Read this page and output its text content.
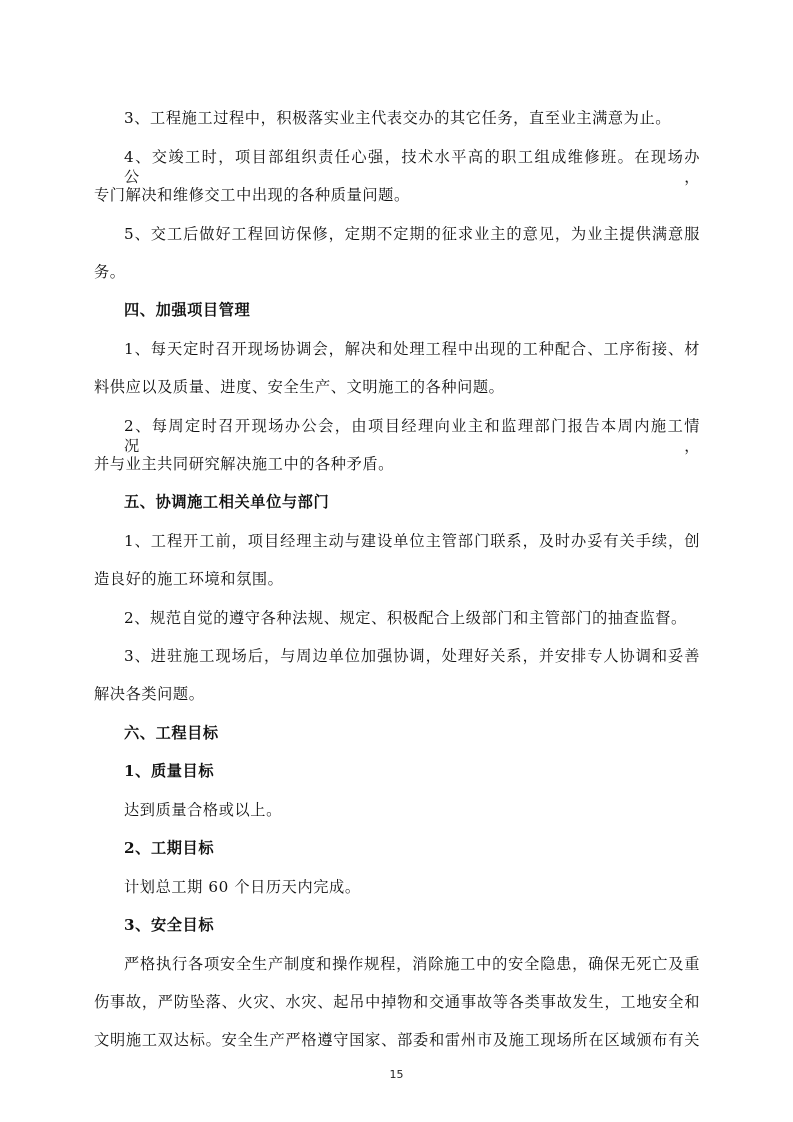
3、工程施工过程中，积极落实业主代表交办的其它任务，直至业主满意为止。
4、交竣工时，项目部组织责任心强，技术水平高的职工组成维修班。在现场办公，
专门解决和维修交工中出现的各种质量问题。
5、交工后做好工程回访保修，定期不定期的征求业主的意见，为业主提供满意服
务。
四、加强项目管理
1、每天定时召开现场协调会，解决和处理工程中出现的工种配合、工序衔接、材
料供应以及质量、进度、安全生产、文明施工的各种问题。
2、每周定时召开现场办公会，由项目经理向业主和监理部门报告本周内施工情况，
并与业主共同研究解决施工中的各种矛盾。
五、协调施工相关单位与部门
1、工程开工前，项目经理主动与建设单位主管部门联系，及时办妥有关手续，创
造良好的施工环境和氛围。
2、规范自觉的遵守各种法规、规定、积极配合上级部门和主管部门的抽查监督。
3、进驻施工现场后，与周边单位加强协调，处理好关系，并安排专人协调和妥善
解决各类问题。
六、工程目标
1、质量目标
达到质量合格或以上。
2、工期目标
计划总工期 60 个日历天内完成。
3、安全目标
严格执行各项安全生产制度和操作规程，消除施工中的安全隐患，确保无死亡及重
伤事故，严防坠落、火灾、水灾、起吊中掉物和交通事故等各类事故发生，工地安全和
文明施工双达标。安全生产严格遵守国家、部委和雷州市及施工现场所在区域颁布有关
15
